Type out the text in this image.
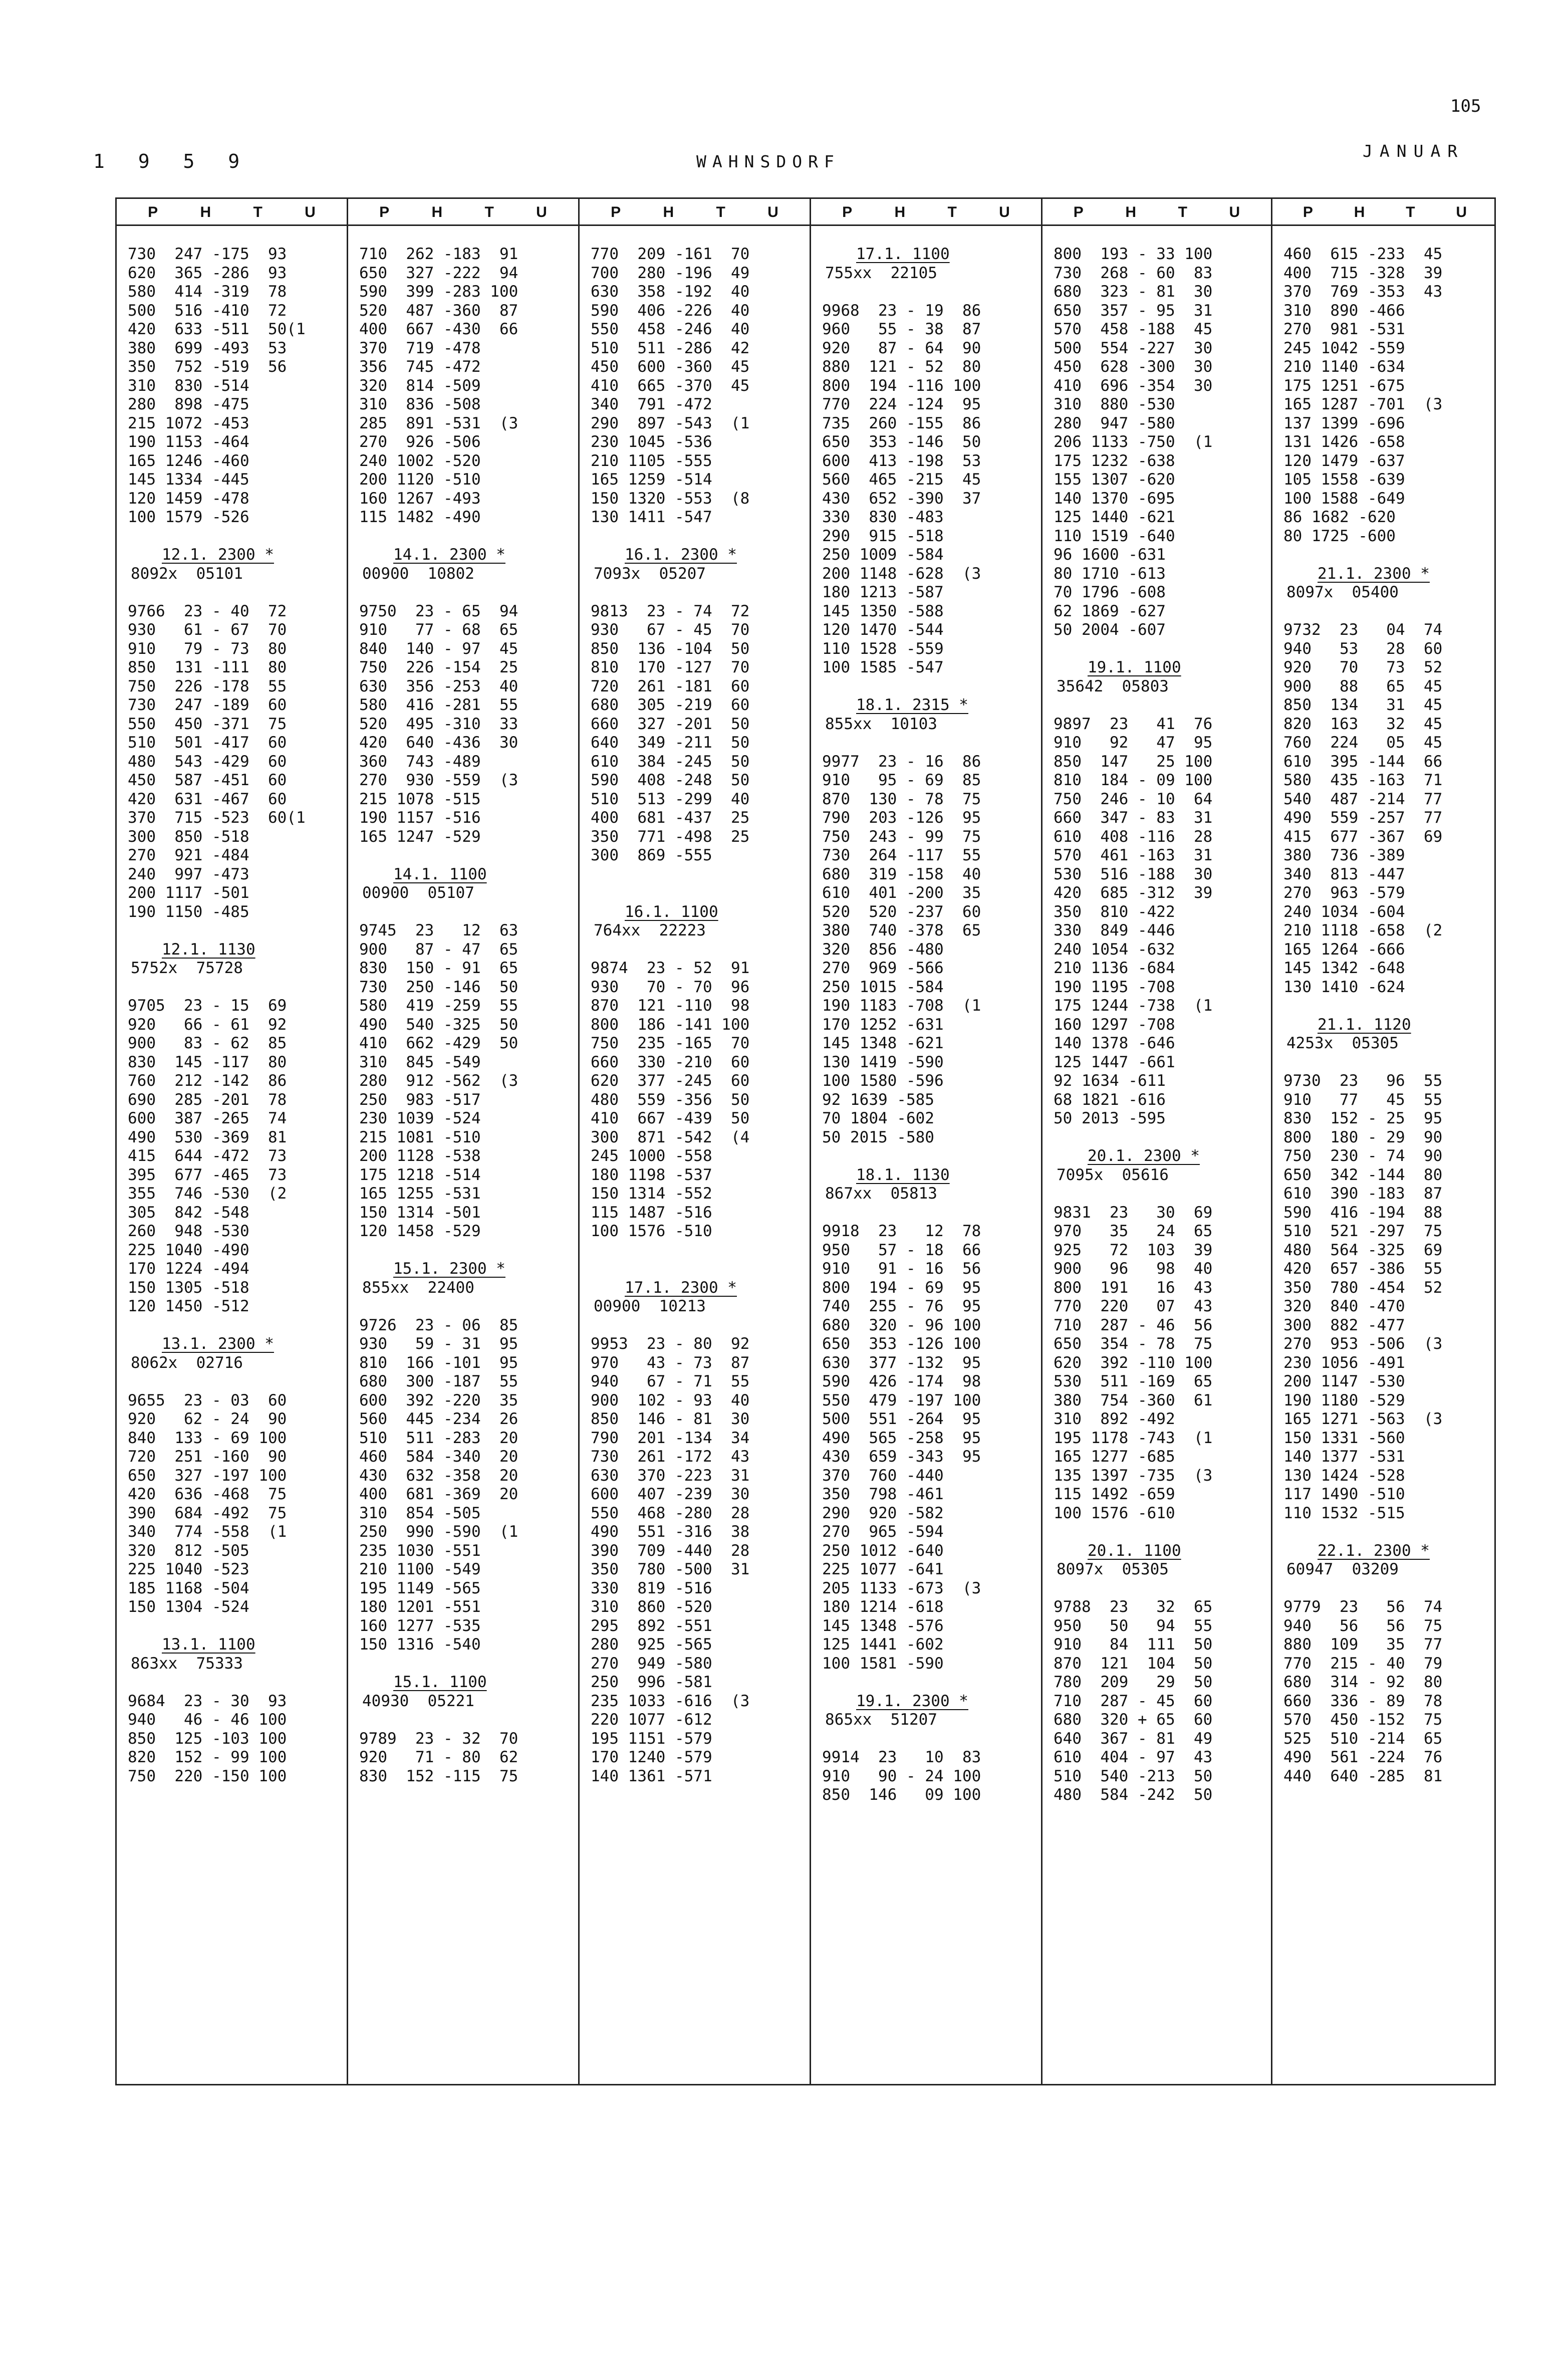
105
1 9 5 9	WAHNSDORF
JANUAR
P	H	T	U
730  247 -175  93
620  365 -286  93
580  414 -319  78
500  516 -410  72
420  633 -511  50(1
380  699 -493  53
350  752 -519  56
310  830 -514
280  898 -475
215 1072 -453
190 1153 -464
165 1246 -460
145 1334 -445
120 1459 -478
100 1579 -526
12.1. 2300 *
8092x  05101
9766  23 - 40  72
930   61 - 67  70
910   79 - 73  80
850  131 -111  80
750  226 -178  55
730  247 -189  60
550  450 -371  75
510  501 -417  60
480  543 -429  60
450  587 -451  60
420  631 -467  60
370  715 -523  60(1
300  850 -518
270  921 -484
240  997 -473
200 1117 -501
190 1150 -485
12.1. 1130
5752x  75728
9705  23 - 15  69
920   66 - 61  92
900   83 - 62  85
830  145 -117  80
760  212 -142  86
690  285 -201  78
600  387 -265  74
490  530 -369  81
415  644 -472  73
395  677 -465  73
355  746 -530  (2
305  842 -548
260  948 -530
225 1040 -490
170 1224 -494
150 1305 -518
120 1450 -512
13.1. 2300 *
8062x  02716
9655  23 - 03  60
920   62 - 24  90
840  133 - 69 100
720  251 -160  90
650  327 -197 100
420  636 -468  75
390  684 -492  75
340  774 -558  (1
320  812 -505
225 1040 -523
185 1168 -504
150 1304 -524
13.1. 1100
863xx  75333
9684  23 - 30  93
940   46 - 46 100
850  125 -103 100
820  152 - 99 100
750  220 -150 100
P	H	T	U
710  262 -183  91
650  327 -222  94
590  399 -283 100
520  487 -360  87
400  667 -430  66
370  719 -478
356  745 -472
320  814 -509
310  836 -508
285  891 -531  (3
270  926 -506
240 1002 -520
200 1120 -510
160 1267 -493
115 1482 -490
14.1. 2300 *
00900  10802
9750  23 - 65  94
910   77 - 68  65
840  140 - 97  45
750  226 -154  25
630  356 -253  40
580  416 -281  55
520  495 -310  33
420  640 -436  30
360  743 -489
270  930 -559  (3
215 1078 -515
190 1157 -516
165 1247 -529
14.1. 1100
00900  05107
9745  23   12  63
900   87 - 47  65
830  150 - 91  65
730  250 -146  50
580  419 -259  55
490  540 -325  50
410  662 -429  50
310  845 -549
280  912 -562  (3
250  983 -517
230 1039 -524
215 1081 -510
200 1128 -538
175 1218 -514
165 1255 -531
150 1314 -501
120 1458 -529
15.1. 2300 *
855xx  22400
9726  23 - 06  85
930   59 - 31  95
810  166 -101  95
680  300 -187  55
600  392 -220  35
560  445 -234  26
510  511 -283  20
460  584 -340  20
430  632 -358  20
400  681 -369  20
310  854 -505
250  990 -590  (1
235 1030 -551
210 1100 -549
195 1149 -565
180 1201 -551
160 1277 -535
150 1316 -540
15.1. 1100
40930  05221
9789  23 - 32  70
920   71 - 80  62
830  152 -115  75
P	H	T	U
770  209 -161  70
700  280 -196  49
630  358 -192  40
590  406 -226  40
550  458 -246  40
510  511 -286  42
450  600 -360  45
410  665 -370  45
340  791 -472
290  897 -543  (1
230 1045 -536
210 1105 -555
165 1259 -514
150 1320 -553  (8
130 1411 -547
16.1. 2300 *
7093x  05207
9813  23 - 74  72
930   67 - 45  70
850  136 -104  50
810  170 -127  70
720  261 -181  60
680  305 -219  60
660  327 -201  50
640  349 -211  50
610  384 -245  50
590  408 -248  50
510  513 -299  40
400  681 -437  25
350  771 -498  25
300  869 -555
16.1. 1100
764xx  22223
9874  23 - 52  91
930   70 - 70  96
870  121 -110  98
800  186 -141 100
750  235 -165  70
660  330 -210  60
620  377 -245  60
480  559 -356  50
410  667 -439  50
300  871 -542  (4
245 1000 -558
180 1198 -537
150 1314 -552
115 1487 -516
100 1576 -510
17.1. 2300 *
00900  10213
9953  23 - 80  92
970   43 - 73  87
940   67 - 71  55
900  102 - 93  40
850  146 - 81  30
790  201 -134  34
730  261 -172  43
630  370 -223  31
600  407 -239  30
550  468 -280  28
490  551 -316  38
390  709 -440  28
350  780 -500  31
330  819 -516
310  860 -520
295  892 -551
280  925 -565
270  949 -580
250  996 -581
235 1033 -616  (3
220 1077 -612
195 1151 -579
170 1240 -579
140 1361 -571
P	H	T	U
17.1. 1100
755xx  22105
9968  23 - 19  86
960   55 - 38  87
920   87 - 64  90
880  121 - 52  80
800  194 -116 100
770  224 -124  95
735  260 -155  86
650  353 -146  50
600  413 -198  53
560  465 -215  45
430  652 -390  37
330  830 -483
290  915 -518
250 1009 -584
200 1148 -628  (3
180 1213 -587
145 1350 -588
120 1470 -544
110 1528 -559
100 1585 -547
18.1. 2315 *
855xx  10103
9977  23 - 16  86
910   95 - 69  85
870  130 - 78  75
790  203 -126  95
750  243 - 99  75
730  264 -117  55
680  319 -158  40
610  401 -200  35
520  520 -237  60
380  740 -378  65
320  856 -480
270  969 -566
250 1015 -584
190 1183 -708  (1
170 1252 -631
145 1348 -621
130 1419 -590
100 1580 -596
92 1639 -585
70 1804 -602
50 2015 -580
18.1. 1130
867xx  05813
9918  23   12  78
950   57 - 18  66
910   91 - 16  56
800  194 - 69  95
740  255 - 76  95
680  320 - 96 100
650  353 -126 100
630  377 -132  95
590  426 -174  98
550  479 -197 100
500  551 -264  95
490  565 -258  95
430  659 -343  95
370  760 -440
350  798 -461
290  920 -582
270  965 -594
250 1012 -640
225 1077 -641
205 1133 -673  (3
180 1214 -618
145 1348 -576
125 1441 -602
100 1581 -590
19.1. 2300 *
865xx  51207
9914  23   10  83
910   90 - 24 100
850  146   09 100
P	H	T	U
800  193 - 33 100
730  268 - 60  83
680  323 - 81  30
650  357 - 95  31
570  458 -188  45
500  554 -227  30
450  628 -300  30
410  696 -354  30
310  880 -530
280  947 -580
206 1133 -750  (1
175 1232 -638
155 1307 -620
140 1370 -695
125 1440 -621
110 1519 -640
96 1600 -631
80 1710 -613
70 1796 -608
62 1869 -627
50 2004 -607
19.1. 1100
35642  05803
9897  23   41  76
910   92   47  95
850  147   25 100
810  184 - 09 100
750  246 - 10  64
660  347 - 83  31
610  408 -116  28
570  461 -163  31
530  516 -188  30
420  685 -312  39
350  810 -422
330  849 -446
240 1054 -632
210 1136 -684
190 1195 -708
175 1244 -738  (1
160 1297 -708
140 1378 -646
125 1447 -661
92 1634 -611
68 1821 -616
50 2013 -595
20.1. 2300 *
7095x  05616
9831  23   30  69
970   35   24  65
925   72  103  39
900   96   98  40
800  191   16  43
770  220   07  43
710  287 - 46  56
650  354 - 78  75
620  392 -110 100
530  511 -169  65
380  754 -360  61
310  892 -492
195 1178 -743  (1
165 1277 -685
135 1397 -735  (3
115 1492 -659
100 1576 -610
20.1. 1100
8097x  05305
9788  23   32  65
950   50   94  55
910   84  111  50
870  121  104  50
780  209   29  50
710  287 - 45  60
680  320 + 65  60
640  367 - 81  49
610  404 - 97  43
510  540 -213  50
480  584 -242  50
P	H	T	U
460  615 -233  45
400  715 -328  39
370  769 -353  43
310  890 -466
270  981 -531
245 1042 -559
210 1140 -634
175 1251 -675
165 1287 -701  (3
137 1399 -696
131 1426 -658
120 1479 -637
105 1558 -639
100 1588 -649
86 1682 -620
80 1725 -600
21.1. 2300 *
8097x  05400
9732  23   04  74
940   53   28  60
920   70   73  52
900   88   65  45
850  134   31  45
820  163   32  45
760  224   05  45
610  395 -144  66
580  435 -163  71
540  487 -214  77
490  559 -257  77
415  677 -367  69
380  736 -389
340  813 -447
270  963 -579
240 1034 -604
210 1118 -658  (2
165 1264 -666
145 1342 -648
130 1410 -624
21.1. 1120
4253x  05305
9730  23   96  55
910   77   45  55
830  152 - 25  95
800  180 - 29  90
750  230 - 74  90
650  342 -144  80
610  390 -183  87
590  416 -194  88
510  521 -297  75
480  564 -325  69
420  657 -386  55
350  780 -454  52
320  840 -470
300  882 -477
270  953 -506  (3
230 1056 -491
200 1147 -530
190 1180 -529
165 1271 -563  (3
150 1331 -560
140 1377 -531
130 1424 -528
117 1490 -510
110 1532 -515
22.1. 2300 *
60947  03209
9779  23   56  74
940   56   56  75
880  109   35  77
770  215 - 40  79
680  314 - 92  80
660  336 - 89  78
570  450 -152  75
525  510 -214  65
490  561 -224  76
440  640 -285  81
